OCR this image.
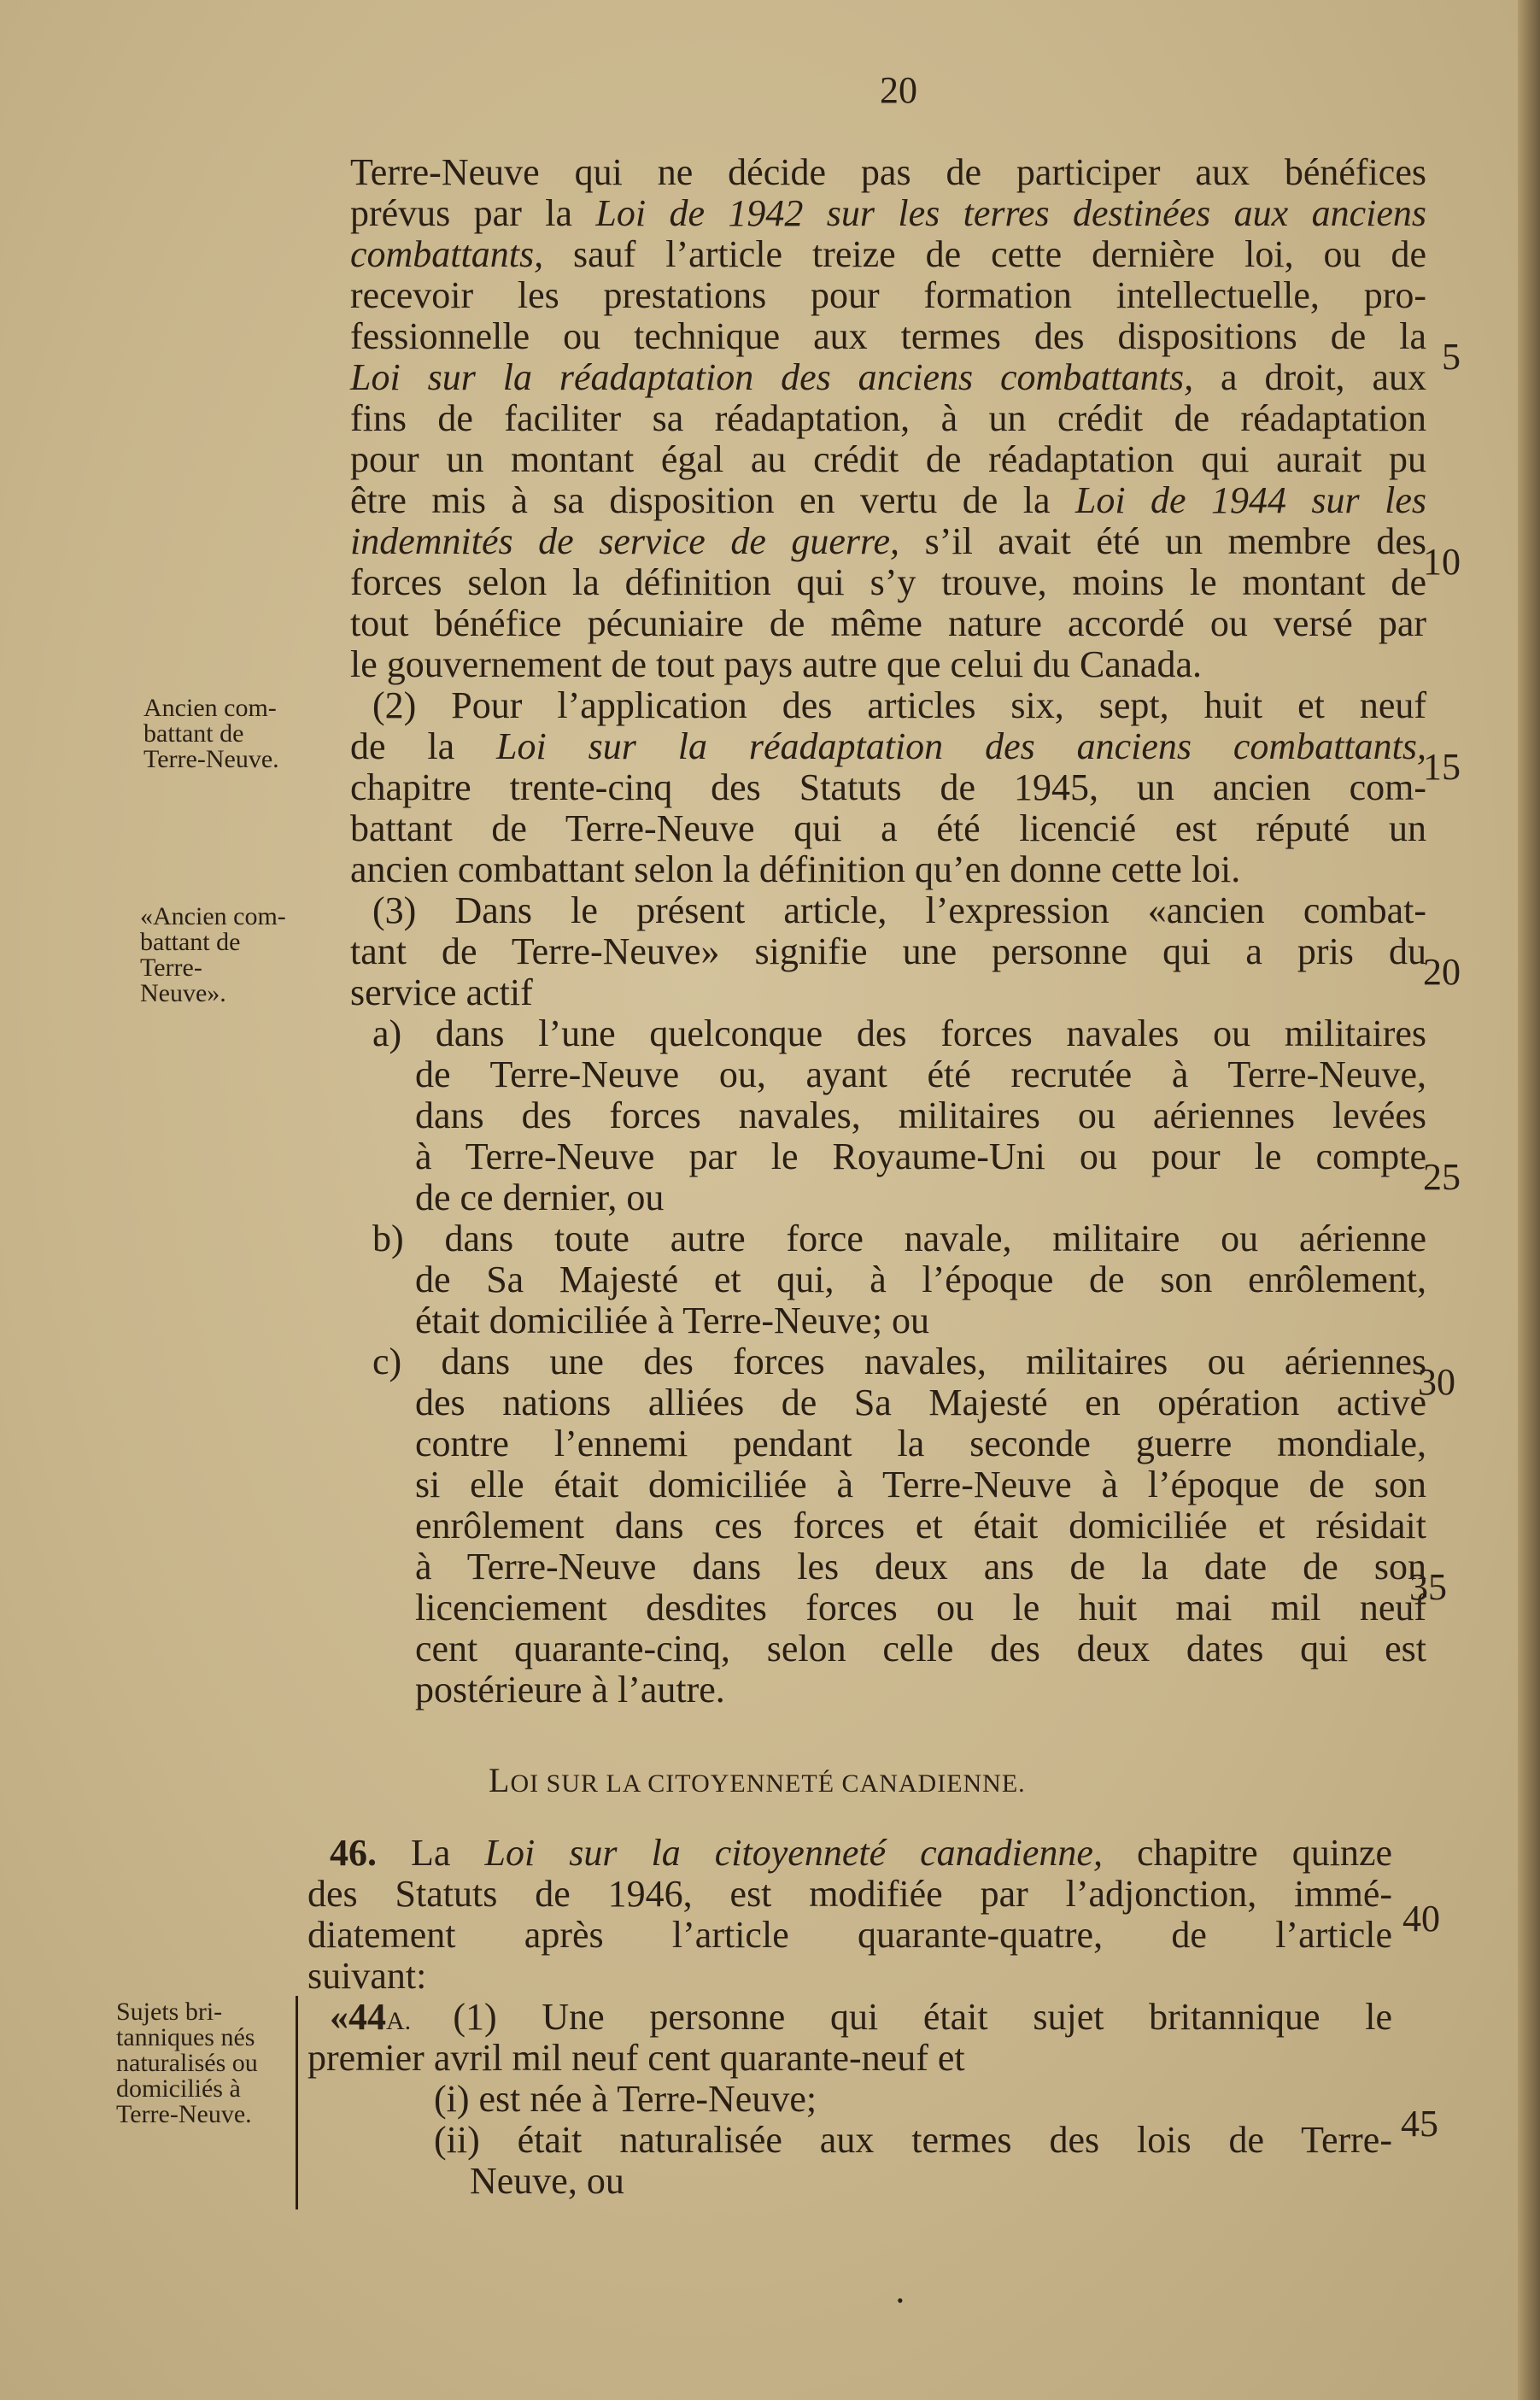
20
Terre-Neuve qui ne décide pas de participer aux bénéfices
prévus par la Loi de 1942 sur les terres destinées aux anciens
combattants, sauf l’article treize de cette dernière loi, ou de
recevoir les prestations pour formation intellectuelle, pro-
fessionnelle ou technique aux termes des dispositions de la
Loi sur la réadaptation des anciens combattants, a droit, aux
fins de faciliter sa réadaptation, à un crédit de réadaptation
pour un montant égal au crédit de réadaptation qui aurait pu
être mis à sa disposition en vertu de la Loi de 1944 sur les
indemnités de service de guerre, s’il avait été un membre des
forces selon la définition qui s’y trouve, moins le montant de
tout bénéfice pécuniaire de même nature accordé ou versé par
le gouvernement de tout pays autre que celui du Canada.
(2) Pour l’application des articles six, sept, huit et neuf
de la Loi sur la réadaptation des anciens combattants,
chapitre trente-cinq des Statuts de 1945, un ancien com-
battant de Terre-Neuve qui a été licencié est réputé un
ancien combattant selon la définition qu’en donne cette loi.
(3) Dans le présent article, l’expression «ancien combat-
tant de Terre-Neuve» signifie une personne qui a pris du
service actif
a) dans l’une quelconque des forces navales ou militaires
de Terre-Neuve ou, ayant été recrutée à Terre-Neuve,
dans des forces navales, militaires ou aériennes levées
à Terre-Neuve par le Royaume-Uni ou pour le compte
de ce dernier, ou
b) dans toute autre force navale, militaire ou aérienne
de Sa Majesté et qui, à l’époque de son enrôlement,
était domiciliée à Terre-Neuve; ou
c) dans une des forces navales, militaires ou aériennes
des nations alliées de Sa Majesté en opération active
contre l’ennemi pendant la seconde guerre mondiale,
si elle était domiciliée à Terre-Neuve à l’époque de son
enrôlement dans ces forces et était domiciliée et résidait
à Terre-Neuve dans les deux ans de la date de son
licenciement desdites forces ou le huit mai mil neuf
cent quarante-cinq, selon celle des deux dates qui est
postérieure à l’autre.
5
10
15
20
25
30
35
40
45
Ancien com-
battant de
Terre-Neuve.
«Ancien com-
battant de
Terre-
Neuve».
Sujets bri-
tanniques nés
naturalisés ou
domiciliés à
Terre-Neuve.
LOI SUR LA CITOYENNETÉ CANADIENNE.
46. La Loi sur la citoyenneté canadienne, chapitre quinze
des Statuts de 1946, est modifiée par l’adjonction, immé-
diatement après l’article quarante-quatre, de l’article
suivant:
«44A. (1) Une personne qui était sujet britannique le
premier avril mil neuf cent quarante-neuf et
(i) est née à Terre-Neuve;
(ii) était naturalisée aux termes des lois de Terre-
Neuve, ou
•
